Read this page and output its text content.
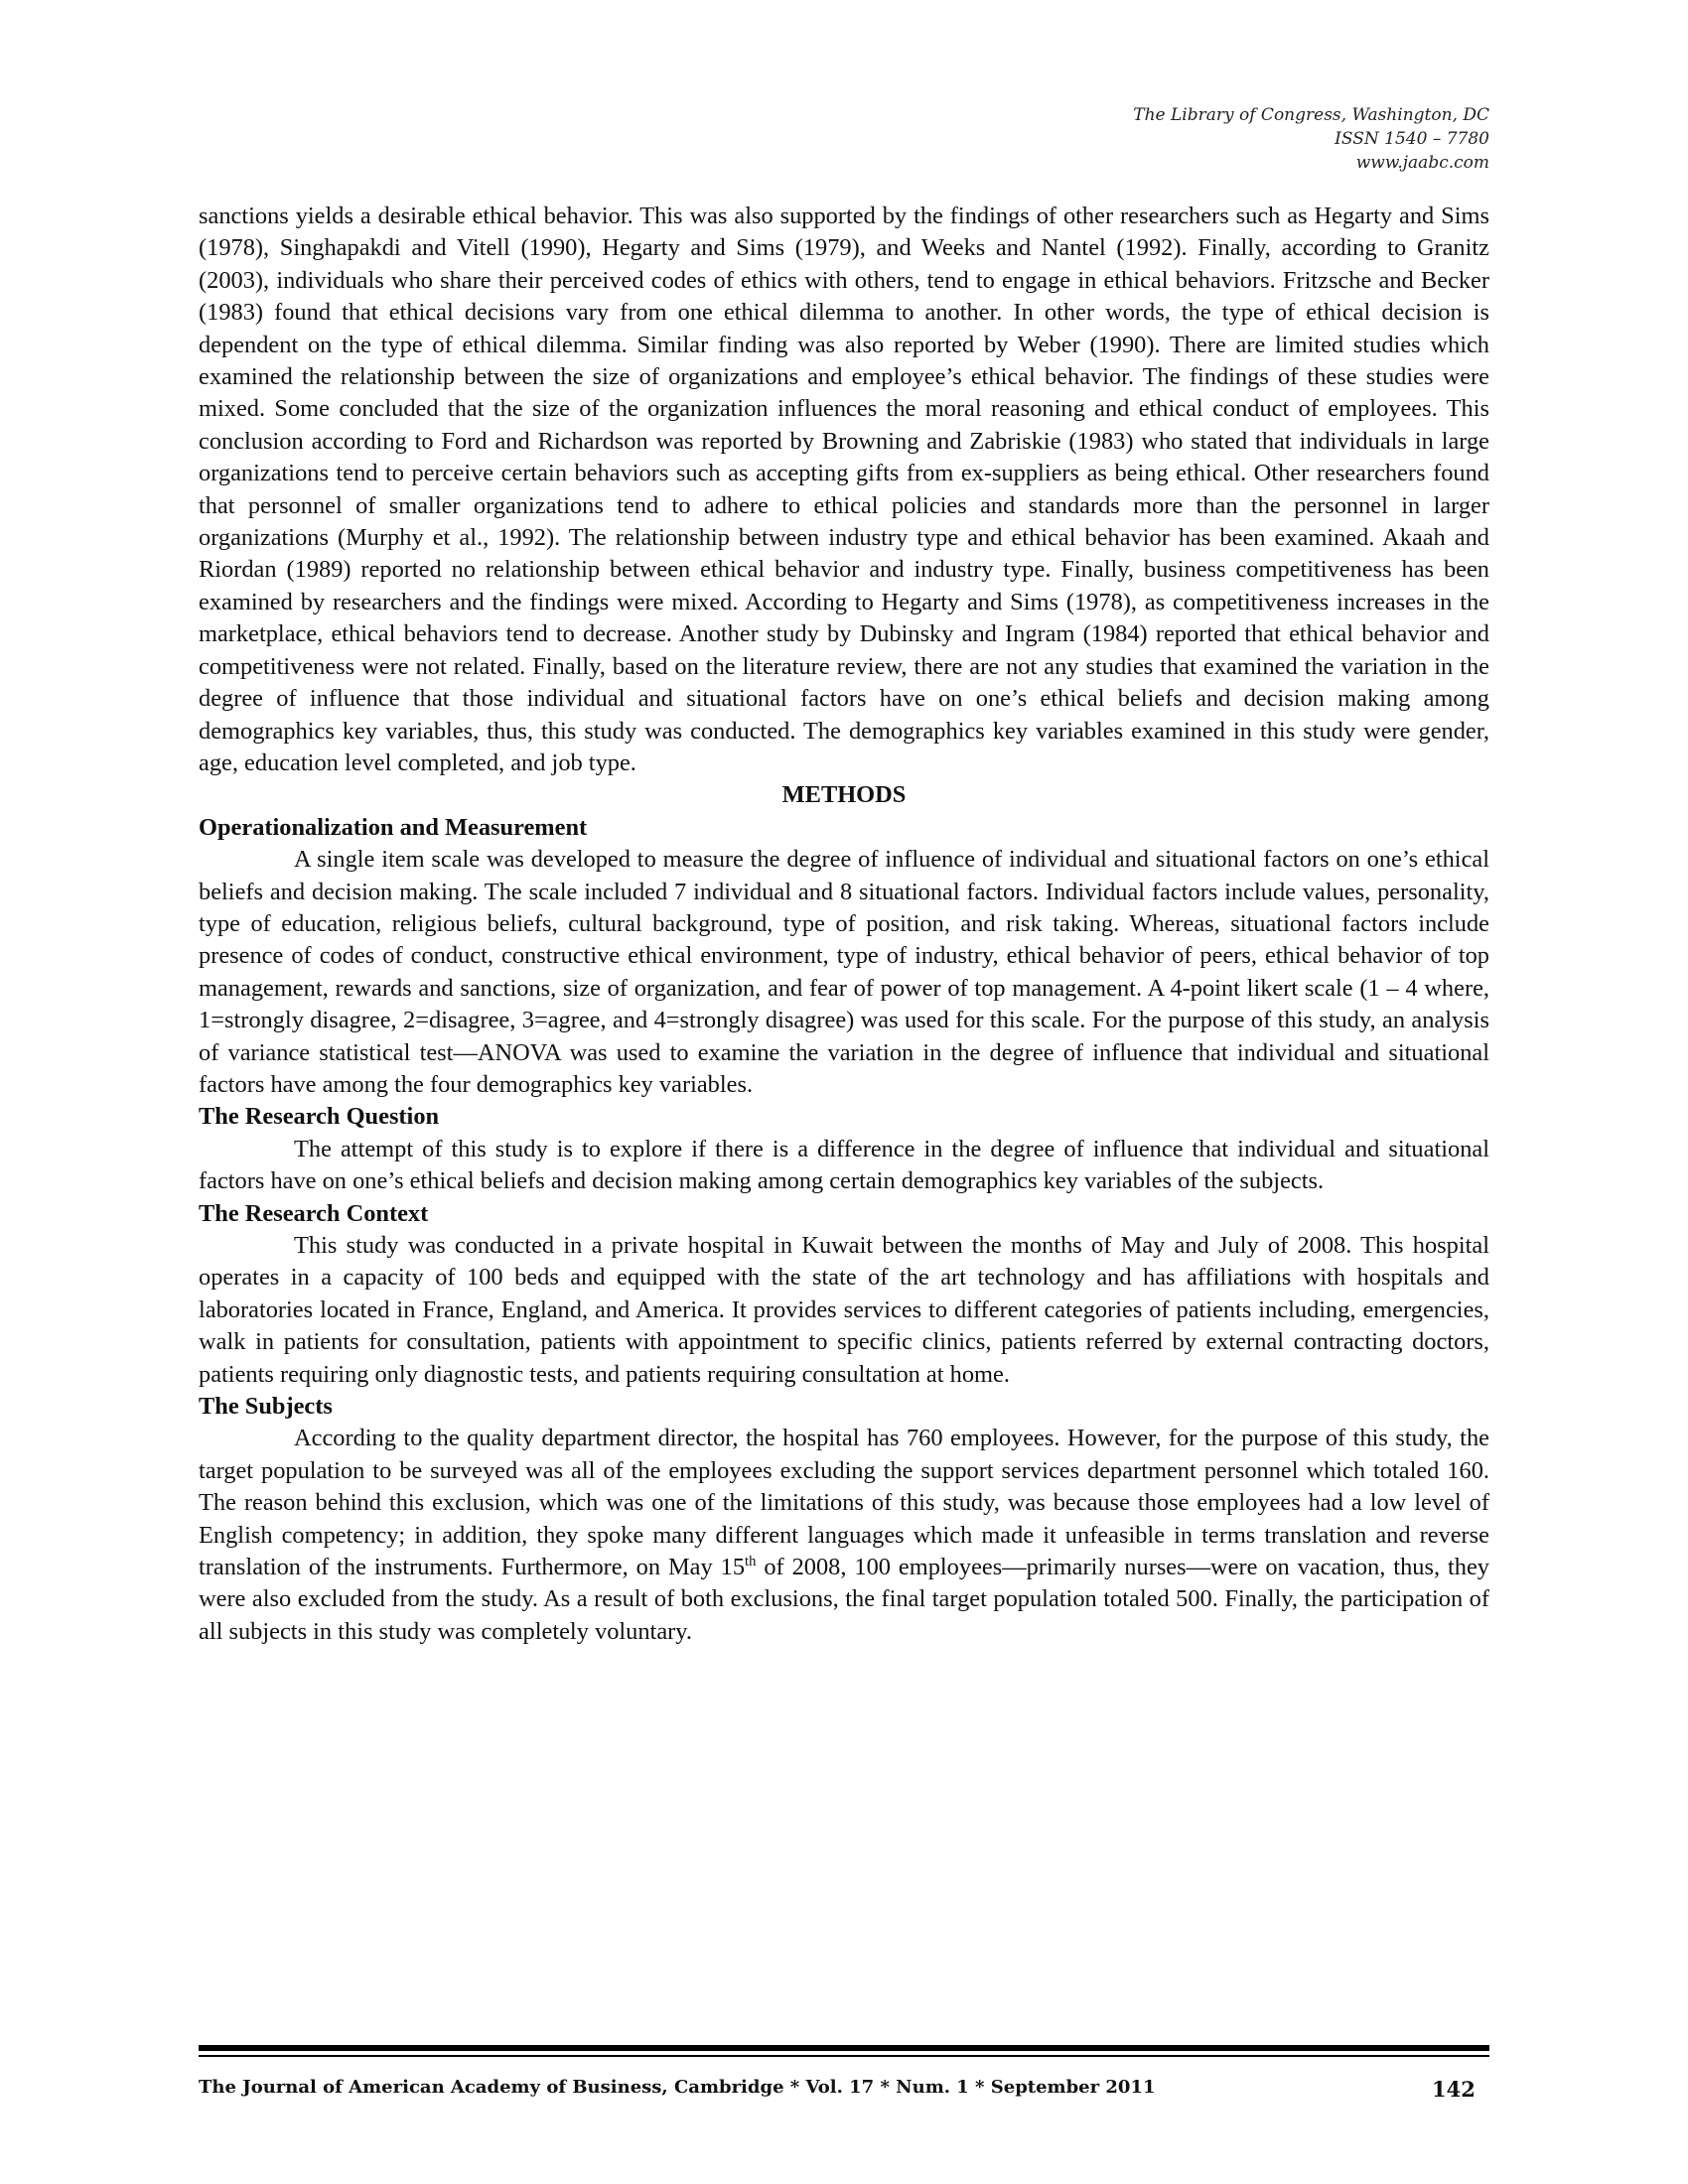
The Library of Congress, Washington, DC
ISSN 1540 – 7780
www.jaabc.com

sanctions yields a desirable ethical behavior. This was also supported by the findings of other researchers such as Hegarty and Sims (1978), Singhapakdi and Vitell (1990), Hegarty and Sims (1979), and Weeks and Nantel (1992). Finally, according to Granitz (2003), individuals who share their perceived codes of ethics with others, tend to engage in ethical behaviors. Fritzsche and Becker (1983) found that ethical decisions vary from one ethical dilemma to another. In other words, the type of ethical decision is dependent on the type of ethical dilemma. Similar finding was also reported by Weber (1990). There are limited studies which examined the relationship between the size of organizations and employee’s ethical behavior. The findings of these studies were mixed. Some concluded that the size of the organization influences the moral reasoning and ethical conduct of employees. This conclusion according to Ford and Richardson was reported by Browning and Zabriskie (1983) who stated that individuals in large organizations tend to perceive certain behaviors such as accepting gifts from ex-suppliers as being ethical. Other researchers found that personnel of smaller organizations tend to adhere to ethical policies and standards more than the personnel in larger organizations (Murphy et al., 1992). The relationship between industry type and ethical behavior has been examined. Akaah and Riordan (1989) reported no relationship between ethical behavior and industry type. Finally, business competitiveness has been examined by researchers and the findings were mixed. According to Hegarty and Sims (1978), as competitiveness increases in the marketplace, ethical behaviors tend to decrease. Another study by Dubinsky and Ingram (1984) reported that ethical behavior and competitiveness were not related. Finally, based on the literature review, there are not any studies that examined the variation in the degree of influence that those individual and situational factors have on one’s ethical beliefs and decision making among demographics key variables, thus, this study was conducted. The demographics key variables examined in this study were gender, age, education level completed, and job type.

METHODS

Operationalization and Measurement

A single item scale was developed to measure the degree of influence of individual and situational factors on one’s ethical beliefs and decision making. The scale included 7 individual and 8 situational factors. Individual factors include values, personality, type of education, religious beliefs, cultural background, type of position, and risk taking. Whereas, situational factors include presence of codes of conduct, constructive ethical environment, type of industry, ethical behavior of peers, ethical behavior of top management, rewards and sanctions, size of organization, and fear of power of top management. A 4-point likert scale (1 – 4 where, 1=strongly disagree, 2=disagree, 3=agree, and 4=strongly disagree) was used for this scale. For the purpose of this study, an analysis of variance statistical test—ANOVA was used to examine the variation in the degree of influence that individual and situational factors have among the four demographics key variables.

The Research Question

The attempt of this study is to explore if there is a difference in the degree of influence that individual and situational factors have on one’s ethical beliefs and decision making among certain demographics key variables of the subjects.

The Research Context

This study was conducted in a private hospital in Kuwait between the months of May and July of 2008. This hospital operates in a capacity of 100 beds and equipped with the state of the art technology and has affiliations with hospitals and laboratories located in France, England, and America. It provides services to different categories of patients including, emergencies, walk in patients for consultation, patients with appointment to specific clinics, patients referred by external contracting doctors, patients requiring only diagnostic tests, and patients requiring consultation at home.

The Subjects

According to the quality department director, the hospital has 760 employees. However, for the purpose of this study, the target population to be surveyed was all of the employees excluding the support services department personnel which totaled 160. The reason behind this exclusion, which was one of the limitations of this study, was because those employees had a low level of English competency; in addition, they spoke many different languages which made it unfeasible in terms translation and reverse translation of the instruments. Furthermore, on May 15th of 2008, 100 employees—primarily nurses—were on vacation, thus, they were also excluded from the study. As a result of both exclusions, the final target population totaled 500. Finally, the participation of all subjects in this study was completely voluntary.

The Journal of American Academy of Business, Cambridge * Vol. 17 * Num. 1 * September 2011	142
